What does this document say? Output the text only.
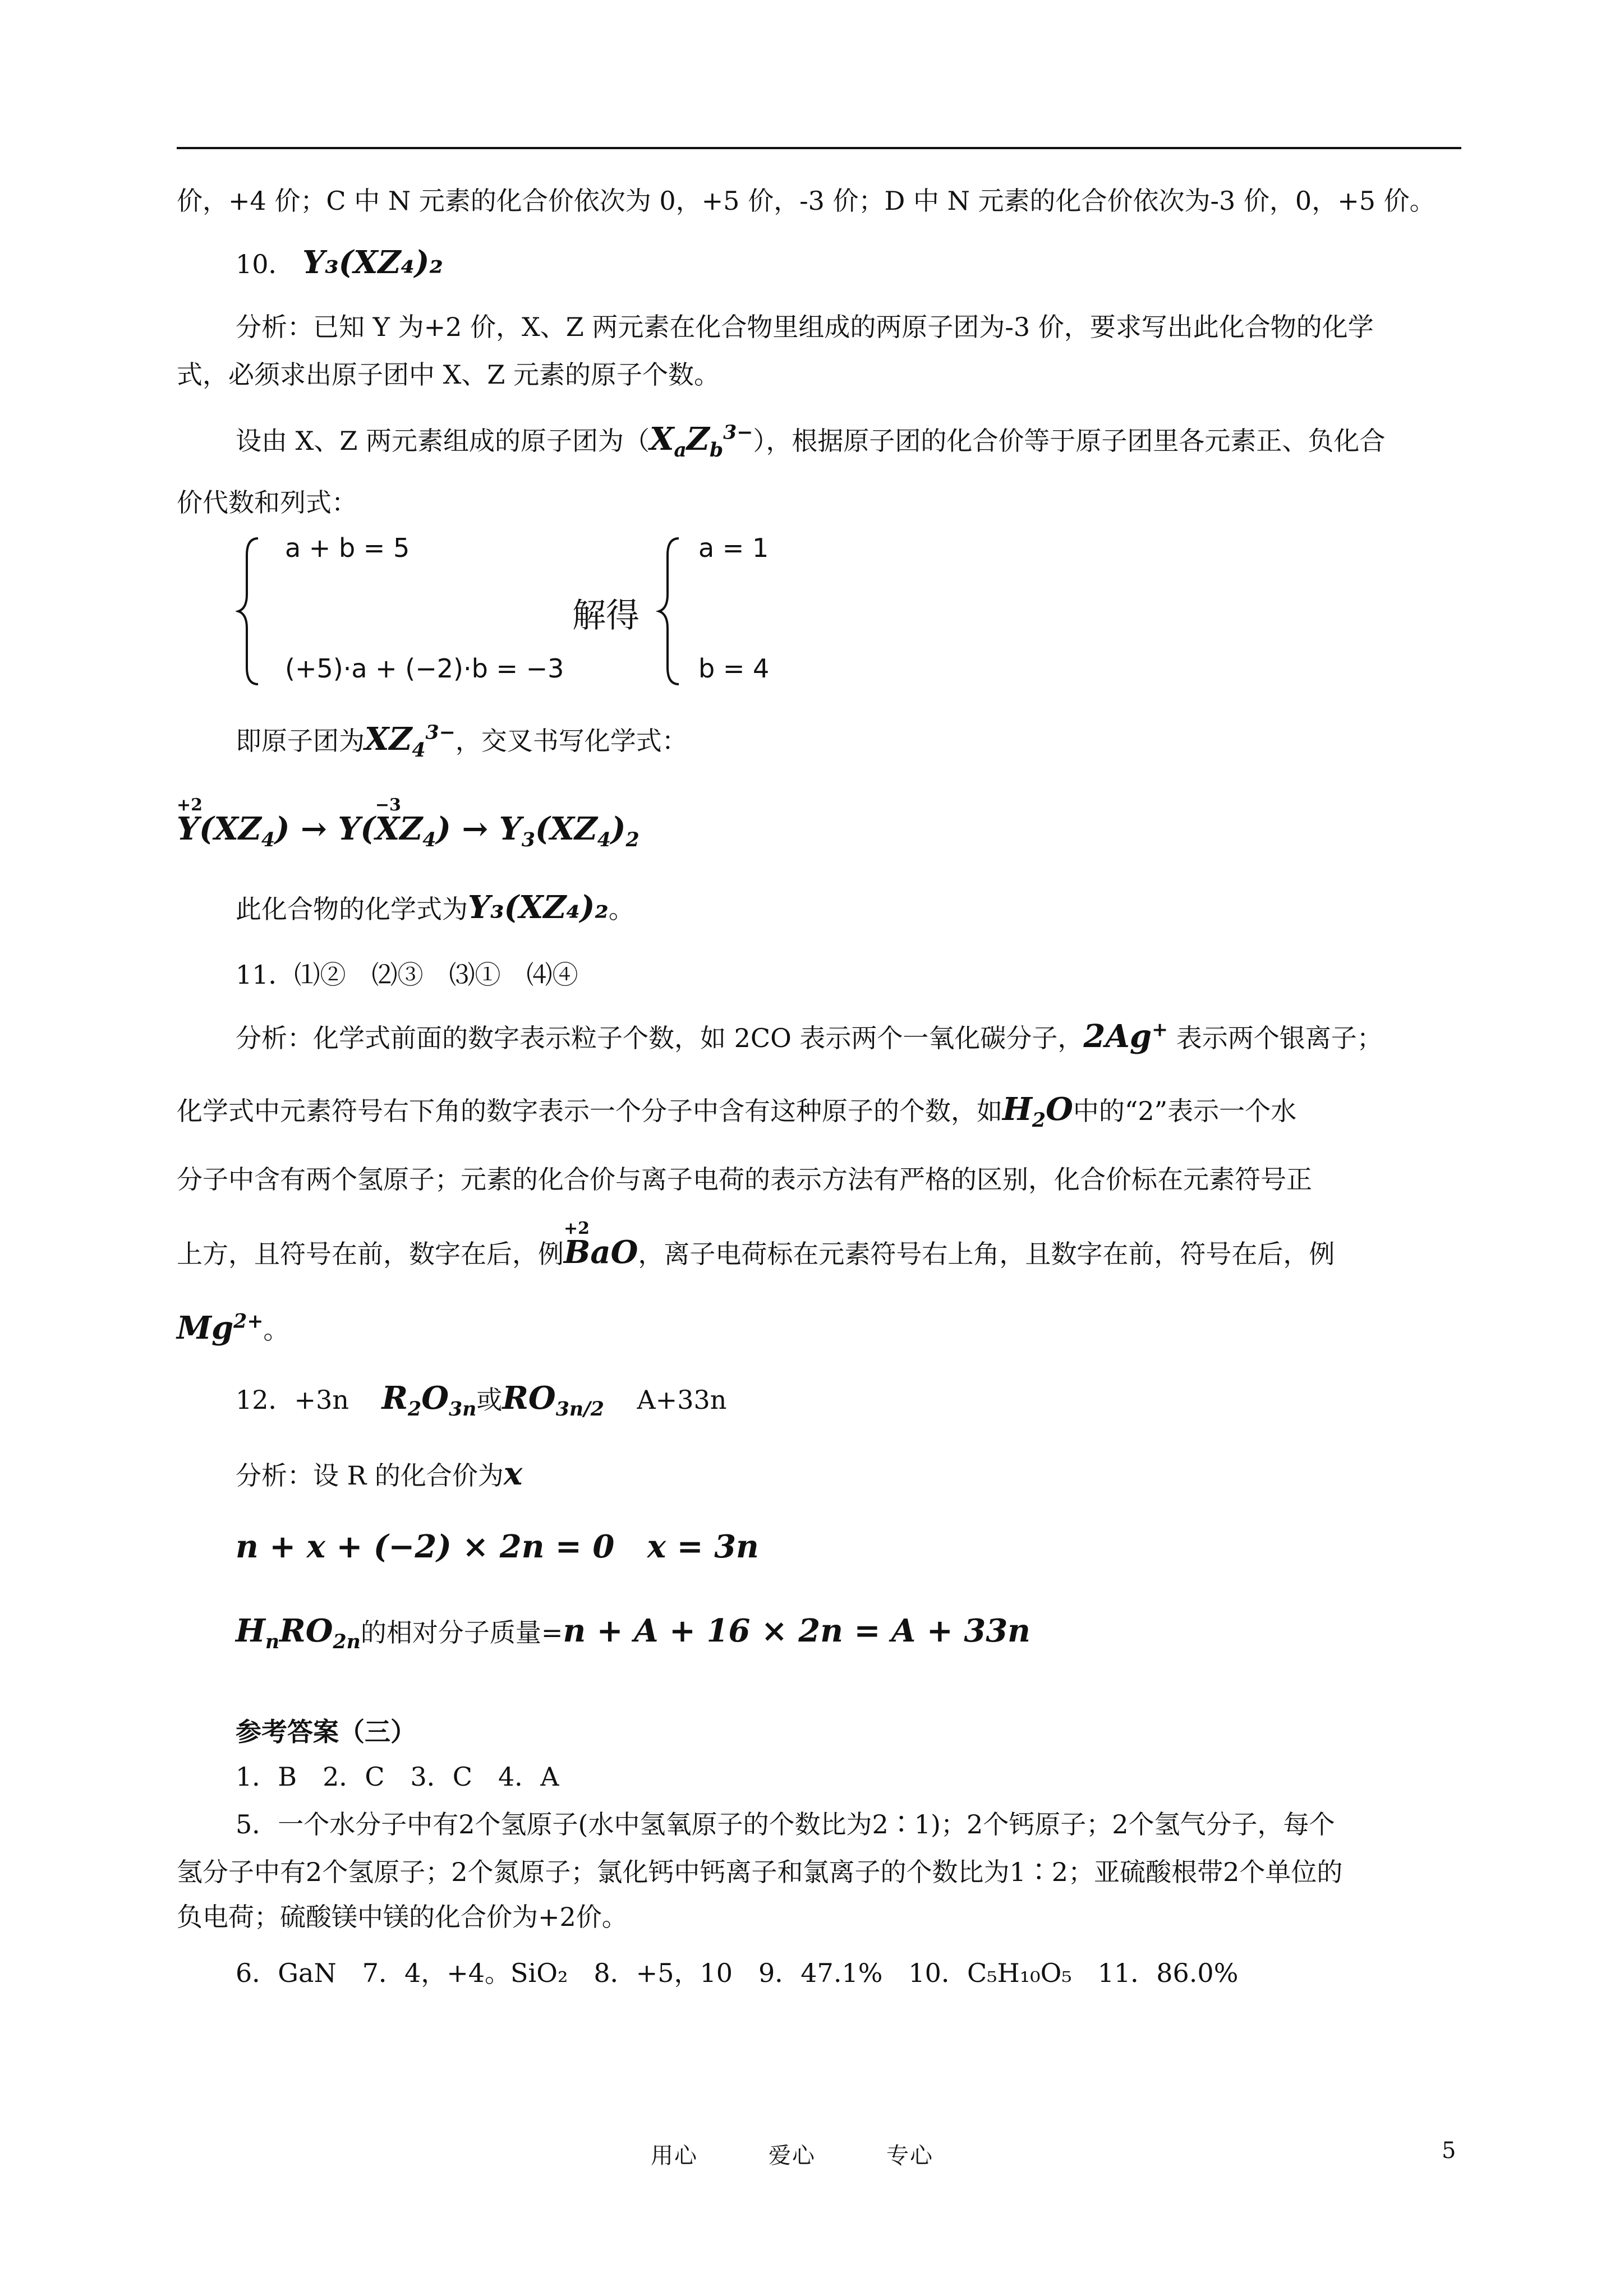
价，+4 价；C 中 N 元素的化合价依次为 0，+5 价，-3 价；D 中 N 元素的化合价依次为-3 价，0，+5 价。
10． Y₃(XZ₄)₂
分析：已知 Y 为+2 价，X、Z 两元素在化合物里组成的两原子团为-3 价，要求写出此化合物的化学
式，必须求出原子团中 X、Z 元素的原子个数。
设由 X、Z 两元素组成的原子团为$(X_aZ_b^{3-})$，根据原子团的化合价等于原子团里各元素正、负化合
价代数和列式：
a + b = 5
(+5)·a + (−2)·b = −3
解得
a = 1
b = 4
即原子团为$XZ_4^{3-}$，交叉书写化学式：
Y
+2
$(XZ_4) \to Y(X$
−3
$Z_4) \to Y_3(XZ_4)_2$
此化合物的化学式为Y₃(XZ₄)₂。
11．⑴②　⑵③　⑶①　⑷④
分析：化学式前面的数字表示粒子个数，如 2CO 表示两个一氧化碳分子，2Ag+ 表示两个银离子；
化学式中元素符号右下角的数字表示一个分子中含有这种原子的个数，如$H_2O$中的“2”表示一个水
分子中含有两个氢原子；元素的化合价与离子电荷的表示方法有严格的区别，化合价标在元素符号正
上方，且符号在前，数字在后，例Ba
+2
O，离子电荷标在元素符号右上角，且数字在前，符号在后，例
$Mg^{2+}$。
12．+3n $R_2O_{3n}$或$RO_{3n/2}$ A+33n
分析：设 R 的化合价为x
n + x + (−2) × 2n = 0 x = 3n
$H_nRO_{2n}$的相对分子质量=n + A + 16 × 2n = A + 33n
参考答案（三）
1．B　2．C　3．C　4．A
5．一个水分子中有2个氢原子(水中氢氧原子的个数比为2∶1)；2个钙原子；2个氢气分子，每个
氢分子中有2个氢原子；2个氮原子；氯化钙中钙离子和氯离子的个数比为1∶2；亚硫酸根带2个单位的
负电荷；硫酸镁中镁的化合价为+2价。
6．GaN　7．4，+4。SiO₂　8．+5，10　9．47.1%　10．C₅H₁₀O₅　11．86.0%
用心　　　爱心　　　专心	5
